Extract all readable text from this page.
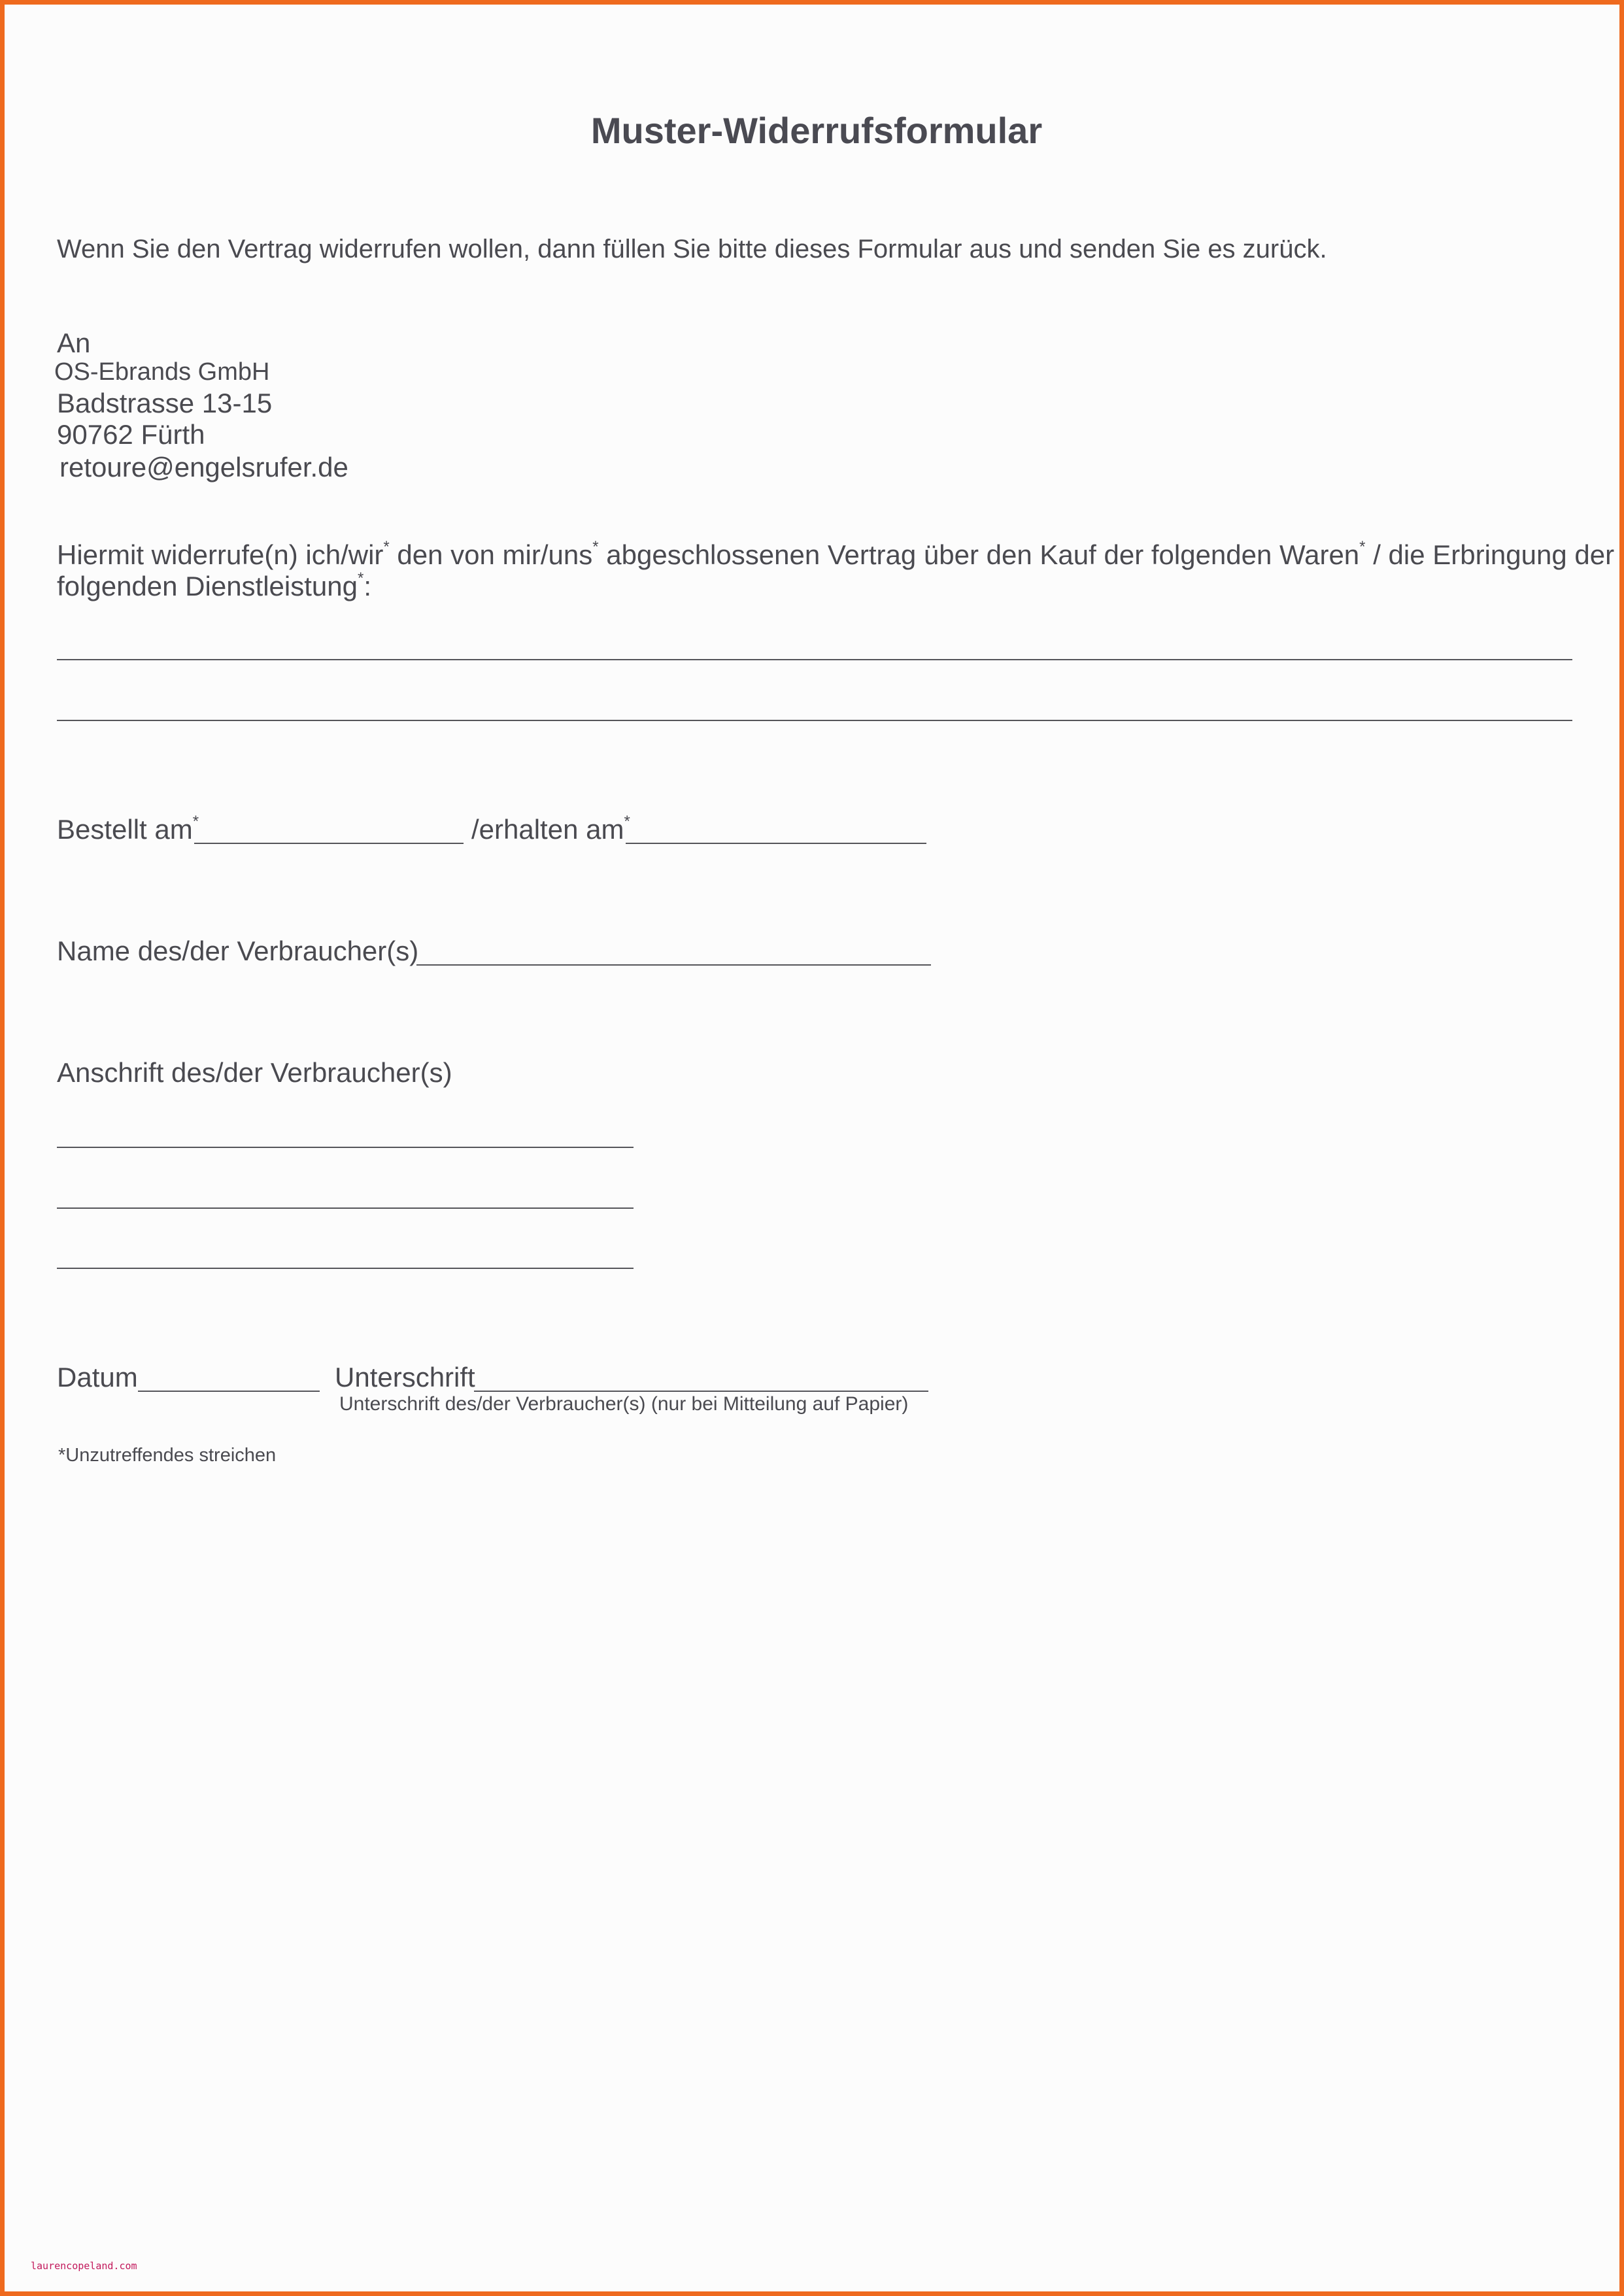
Muster-Widerrufsformular
Wenn Sie den Vertrag widerrufen wollen, dann füllen Sie bitte dieses Formular aus und senden Sie es zurück.
An
OS-Ebrands GmbH
Badstrasse 13-15
90762 Fürth
retoure@engelsrufer.de
Hiermit widerrufe(n) ich/wir* den von mir/uns* abgeschlossenen Vertrag über den Kauf der folgenden Waren* / die Erbringung der
folgenden Dienstleistung*:
Bestellt am*	/erhalten am*
Name des/der Verbraucher(s)
Anschrift des/der Verbraucher(s)
Datum	Unterschrift
Unterschrift des/der Verbraucher(s) (nur bei Mitteilung auf Papier)
*Unzutreffendes streichen
laurencopeland.com
